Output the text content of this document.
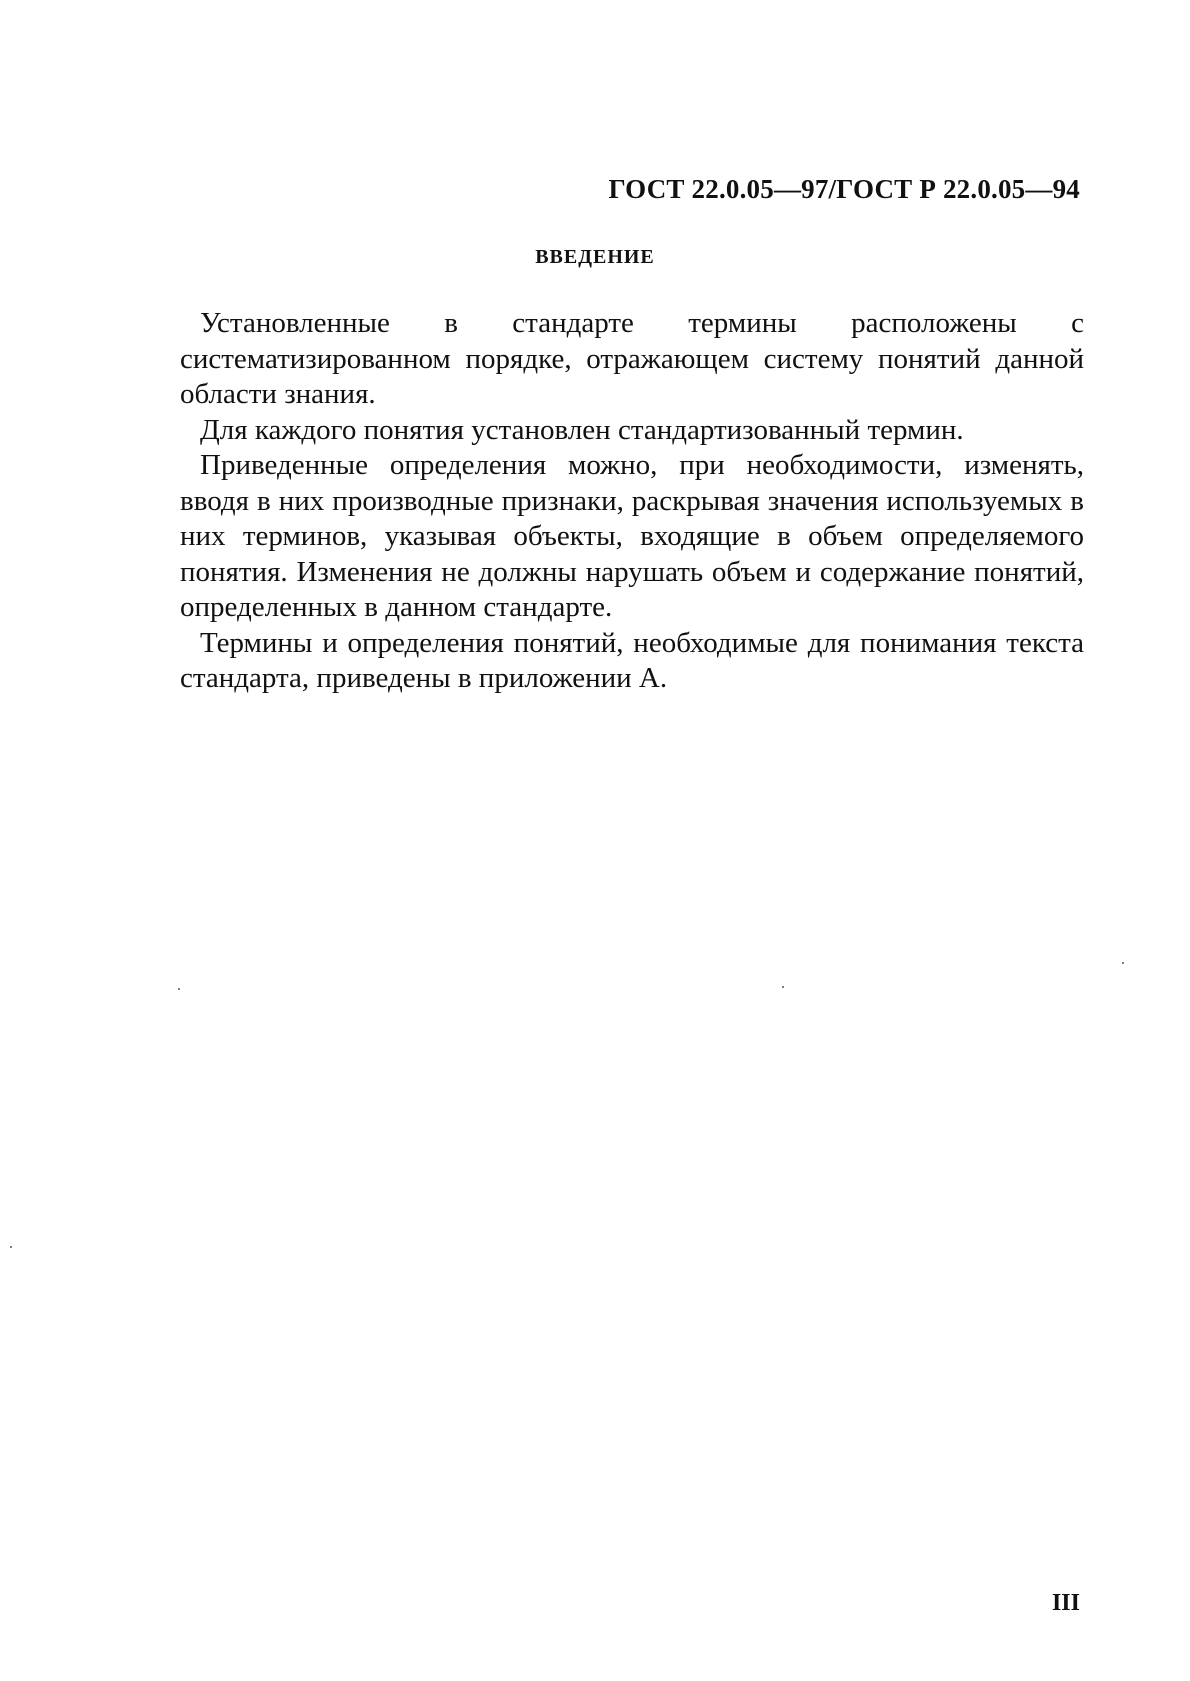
ГОСТ 22.0.05—97/ГОСТ Р 22.0.05—94
ВВЕДЕНИЕ

Установленные в стандарте термины расположены с систематизированном порядке, отражающем систему понятий данной области знания.

Для каждого понятия установлен стандартизованный термин.

Приведенные определения можно, при необходимости, изменять, вводя в них производные признаки, раскрывая значения используемых в них терминов, указывая объекты, входящие в объем определяемого понятия. Изменения не должны нарушать объем и содержание понятий, определенных в данном стандарте.

Термины и определения понятий, необходимые для понимания текста стандарта, приведены в приложении А.

III
